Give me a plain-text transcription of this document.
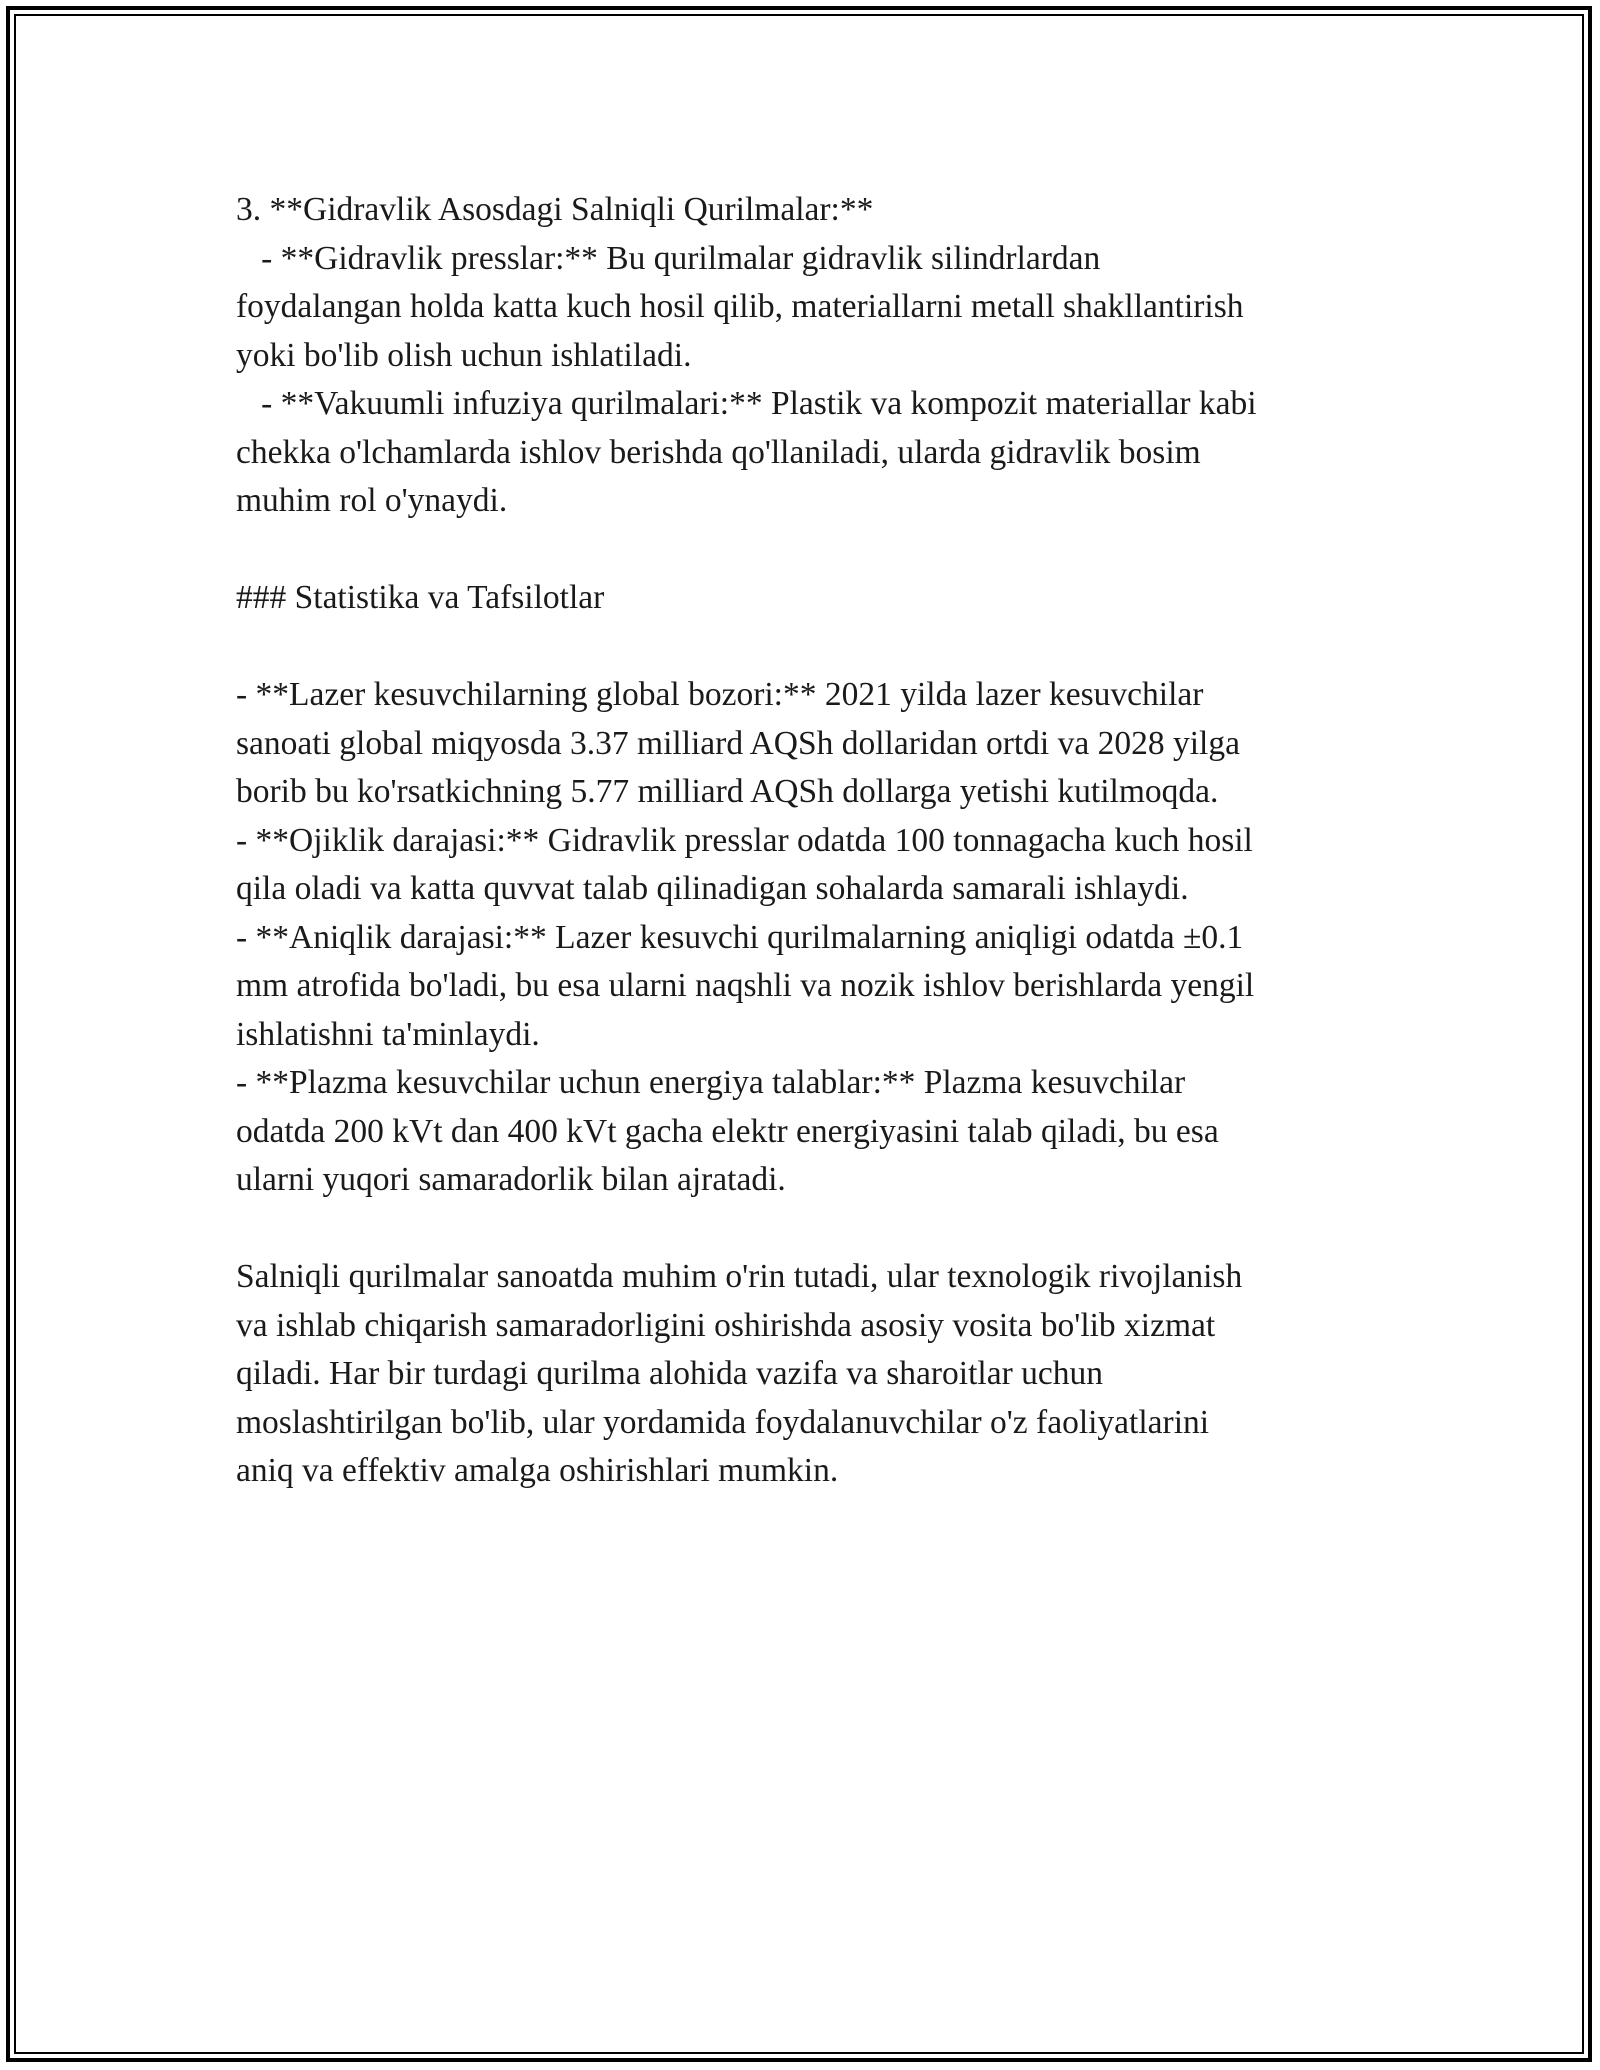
3. **Gidravlik Asosdagi Salniqli Qurilmalar:**
- **Gidravlik presslar:** Bu qurilmalar gidravlik silindrlardan
foydalangan holda katta kuch hosil qilib, materiallarni metall shakllantirish
yoki bo'lib olish uchun ishlatiladi.
- **Vakuumli infuziya qurilmalari:** Plastik va kompozit materiallar kabi
chekka o'lchamlarda ishlov berishda qo'llaniladi, ularda gidravlik bosim
muhim rol o'ynaydi.
### Statistika va Tafsilotlar
- **Lazer kesuvchilarning global bozori:** 2021 yilda lazer kesuvchilar
sanoati global miqyosda 3.37 milliard AQSh dollaridan ortdi va 2028 yilga
borib bu ko'rsatkichning 5.77 milliard AQSh dollarga yetishi kutilmoqda.
- **Ojiklik darajasi:** Gidravlik presslar odatda 100 tonnagacha kuch hosil
qila oladi va katta quvvat talab qilinadigan sohalarda samarali ishlaydi.
- **Aniqlik darajasi:** Lazer kesuvchi qurilmalarning aniqligi odatda ±0.1
mm atrofida bo'ladi, bu esa ularni naqshli va nozik ishlov berishlarda yengil
ishlatishni ta'minlaydi.
- **Plazma kesuvchilar uchun energiya talablar:** Plazma kesuvchilar
odatda 200 kVt dan 400 kVt gacha elektr energiyasini talab qiladi, bu esa
ularni yuqori samaradorlik bilan ajratadi.
Salniqli qurilmalar sanoatda muhim o'rin tutadi, ular texnologik rivojlanish
va ishlab chiqarish samaradorligini oshirishda asosiy vosita bo'lib xizmat
qiladi. Har bir turdagi qurilma alohida vazifa va sharoitlar uchun
moslashtirilgan bo'lib, ular yordamida foydalanuvchilar o'z faoliyatlarini
aniq va effektiv amalga oshirishlari mumkin.
